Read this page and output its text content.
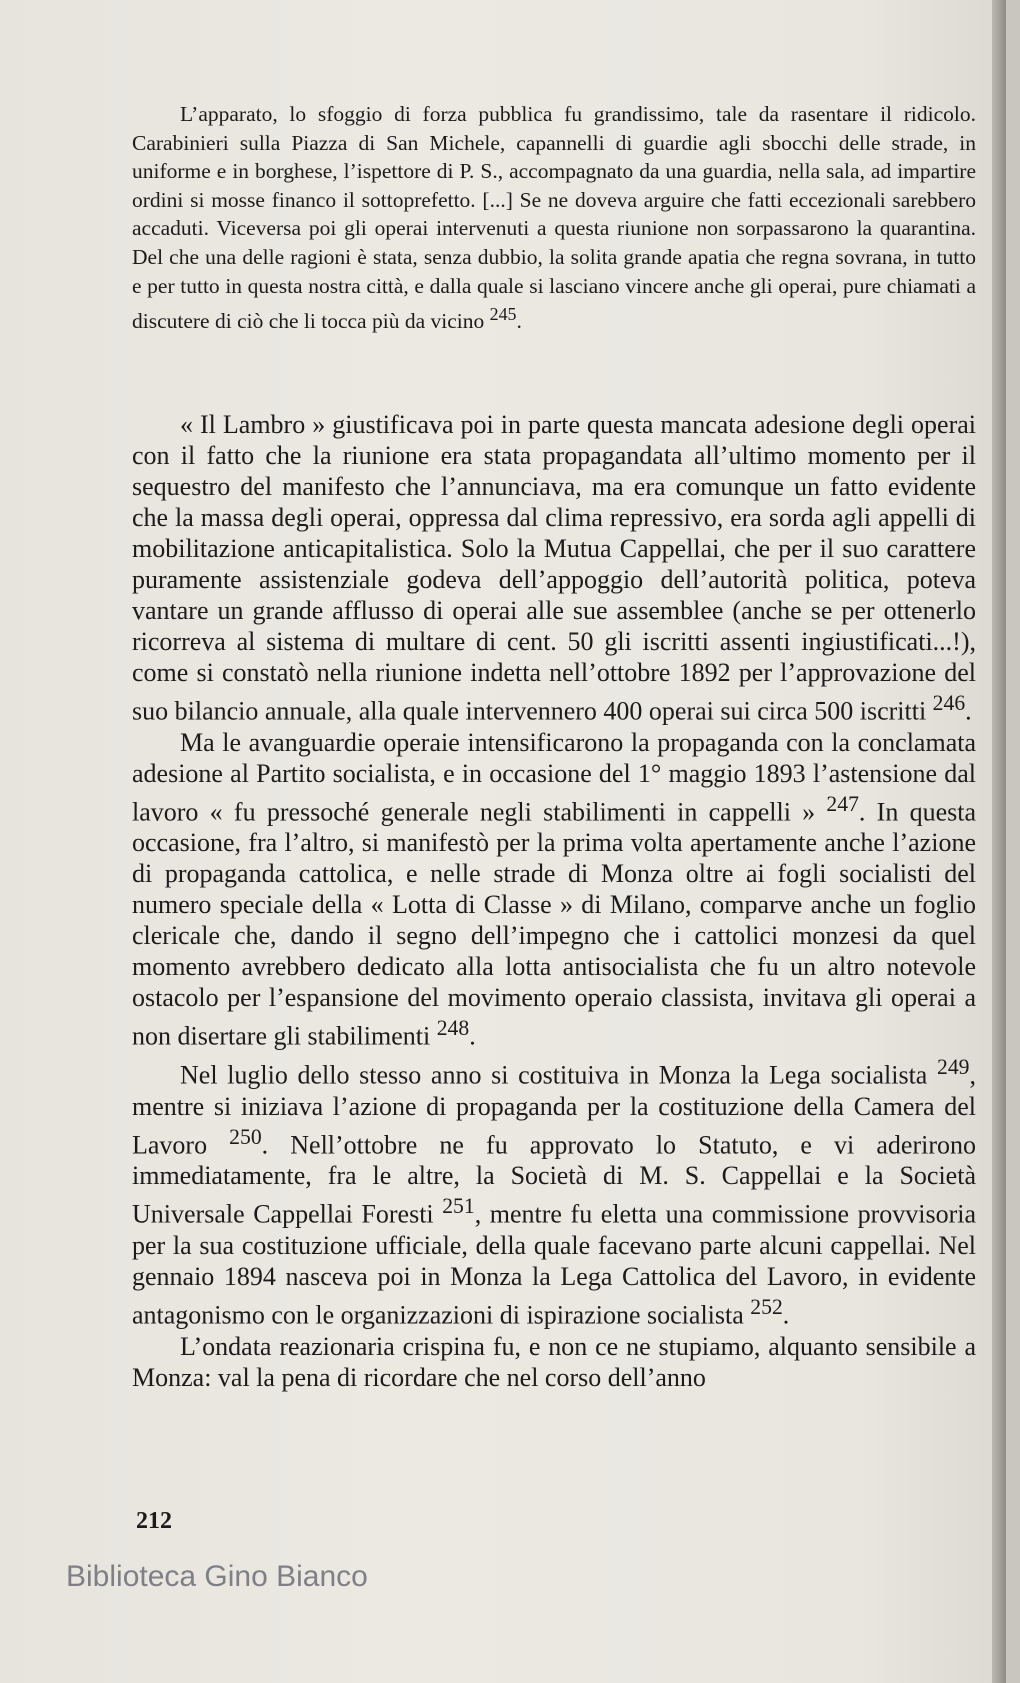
L’apparato, lo sfoggio di forza pubblica fu grandissimo, tale da rasentare il ridicolo. Carabinieri sulla Piazza di San Michele, capannelli di guardie agli sbocchi delle strade, in uniforme e in borghese, l’ispettore di P. S., accompagnato da una guardia, nella sala, ad impartire ordini si mosse financo il sottoprefetto. [...] Se ne doveva arguire che fatti eccezionali sarebbero accaduti. Viceversa poi gli operai intervenuti a questa riunione non sorpassarono la quarantina. Del che una delle ragioni è stata, senza dubbio, la solita grande apatia che regna sovrana, in tutto e per tutto in questa nostra città, e dalla quale si lasciano vincere anche gli operai, pure chiamati a discutere di ciò che li tocca più da vicino $^{245}$.

« Il Lambro » giustificava poi in parte questa mancata adesione degli operai con il fatto che la riunione era stata propagandata all’ultimo momento per il sequestro del manifesto che l’annunciava, ma era comunque un fatto evidente che la massa degli operai, oppressa dal clima repressivo, era sorda agli appelli di mobilitazione anticapitalistica. Solo la Mutua Cappellai, che per il suo carattere puramente assistenziale godeva dell’appoggio dell’autorità politica, poteva vantare un grande afflusso di operai alle sue assemblee (anche se per ottenerlo ricorreva al sistema di multare di cent. 50 gli iscritti assenti ingiustificati...!), come si constatò nella riunione indetta nell’ottobre 1892 per l’approvazione del suo bilancio annuale, alla quale intervennero 400 operai sui circa 500 iscritti $^{246}$.

Ma le avanguardie operaie intensificarono la propaganda con la conclamata adesione al Partito socialista, e in occasione del 1° maggio 1893 l’astensione dal lavoro « fu pressoché generale negli stabilimenti in cappelli » $^{247}$. In questa occasione, fra l’altro, si manifestò per la prima volta apertamente anche l’azione di propaganda cattolica, e nelle strade di Monza oltre ai fogli socialisti del numero speciale della « Lotta di Classe » di Milano, comparve anche un foglio clericale che, dando il segno dell’impegno che i cattolici monzesi da quel momento avrebbero dedicato alla lotta antisocialista che fu un altro notevole ostacolo per l’espansione del movimento operaio classista, invitava gli operai a non disertare gli stabilimenti $^{248}$.

Nel luglio dello stesso anno si costituiva in Monza la Lega socialista $^{249}$, mentre si iniziava l’azione di propaganda per la costituzione della Camera del Lavoro $^{250}$. Nell’ottobre ne fu approvato lo Statuto, e vi aderirono immediatamente, fra le altre, la Società di M. S. Cappellai e la Società Universale Cappellai Foresti $^{251}$, mentre fu eletta una commissione provvisoria per la sua costituzione ufficiale, della quale facevano parte alcuni cappellai. Nel gennaio 1894 nasceva poi in Monza la Lega Cattolica del Lavoro, in evidente antagonismo con le organizzazioni di ispirazione socialista $^{252}$.

L’ondata reazionaria crispina fu, e non ce ne stupiamo, alquanto sensibile a Monza: val la pena di ricordare che nel corso dell’anno

212
Biblioteca Gino Bianco
